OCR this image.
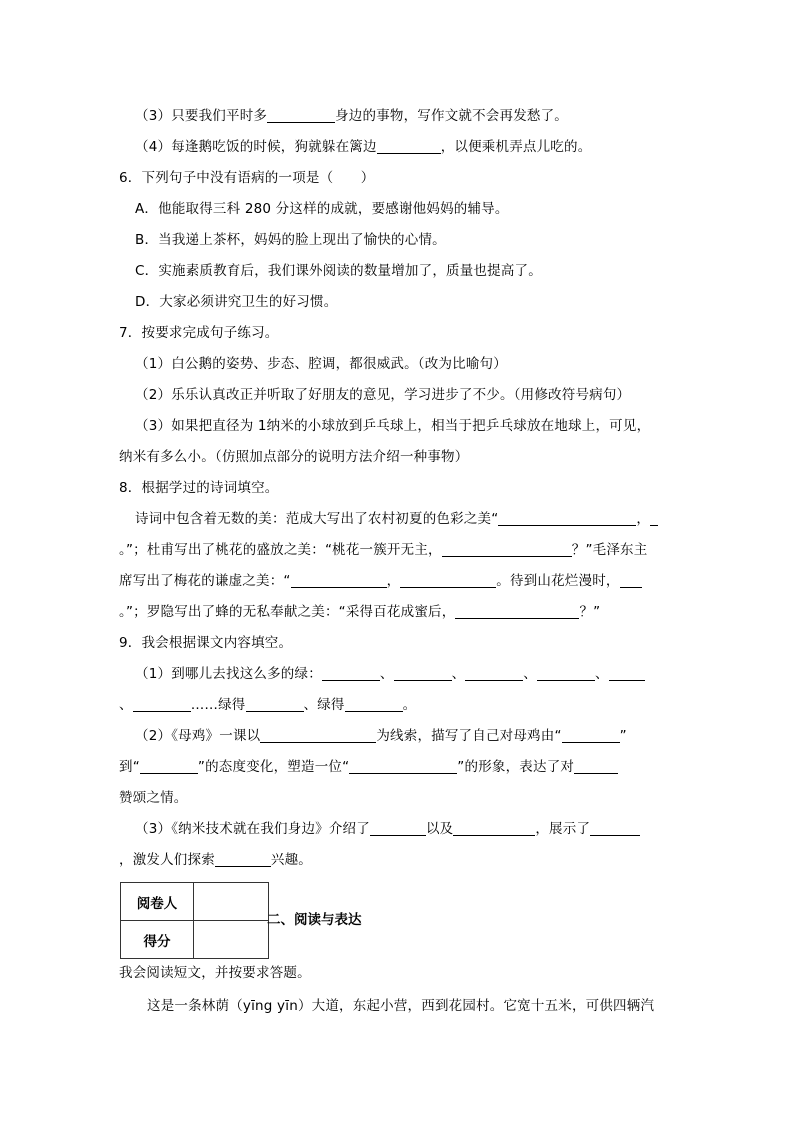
（3）只要我们平时多	身边的事物，写作文就不会再发愁了。
（4）每逢鹅吃饭的时候，狗就躲在篱边	，以便乘机弄点儿吃的。
6．下列句子中没有语病的一项是（　　）
A．他能取得三科 280 分这样的成就，要感谢他妈妈的辅导。
B．当我递上茶杯，妈妈的脸上现出了愉快的心情。
C．实施素质教育后，我们课外阅读的数量增加了，质量也提高了。
D．大家必须讲究卫生的好习惯。
7．按要求完成句子练习。
（1）白公鹅的姿势、步态、腔调，都很威武。（改为比喻句）
（2）乐乐认真改正并听取了好朋友的意见，学习进步了不少。（用修改符号病句）
（3）如果把直径为 1纳米的小球放到乒乓球上，相当于把乒乓球放在地球上，可见，
纳米有多么小。（仿照加点部分的说明方法介绍一种事物）
8．根据学过的诗词填空。
诗词中包含着无数的美：范成大写出了农村初夏的色彩之美“	，
。”；杜甫写出了桃花的盛放之美：“桃花一簇开无主，	？”毛泽东主
席写出了梅花的谦虚之美：“	，	。待到山花烂漫时，
。”；罗隐写出了蜂的无私奉献之美：“采得百花成蜜后，	？”
9．我会根据课文内容填空。
（1）到哪儿去找这么多的绿：	、	、	、	、
、	……绿得	、绿得	。
（2）《母鸡》一课以	为线索，描写了自己对母鸡由“	”
到“	”的态度变化，塑造一位“	”的形象，表达了对
赞颂之情。
（3）《纳米技术就在我们身边》介绍了	以及	，展示了
，激发人们探索	兴趣。
阅卷人	
得分	
二、阅读与表达
我会阅读短文，并按要求答题。
这是一条林荫（yīng yīn）大道，东起小营，西到花园村。它宽十五米，可供四辆汽
